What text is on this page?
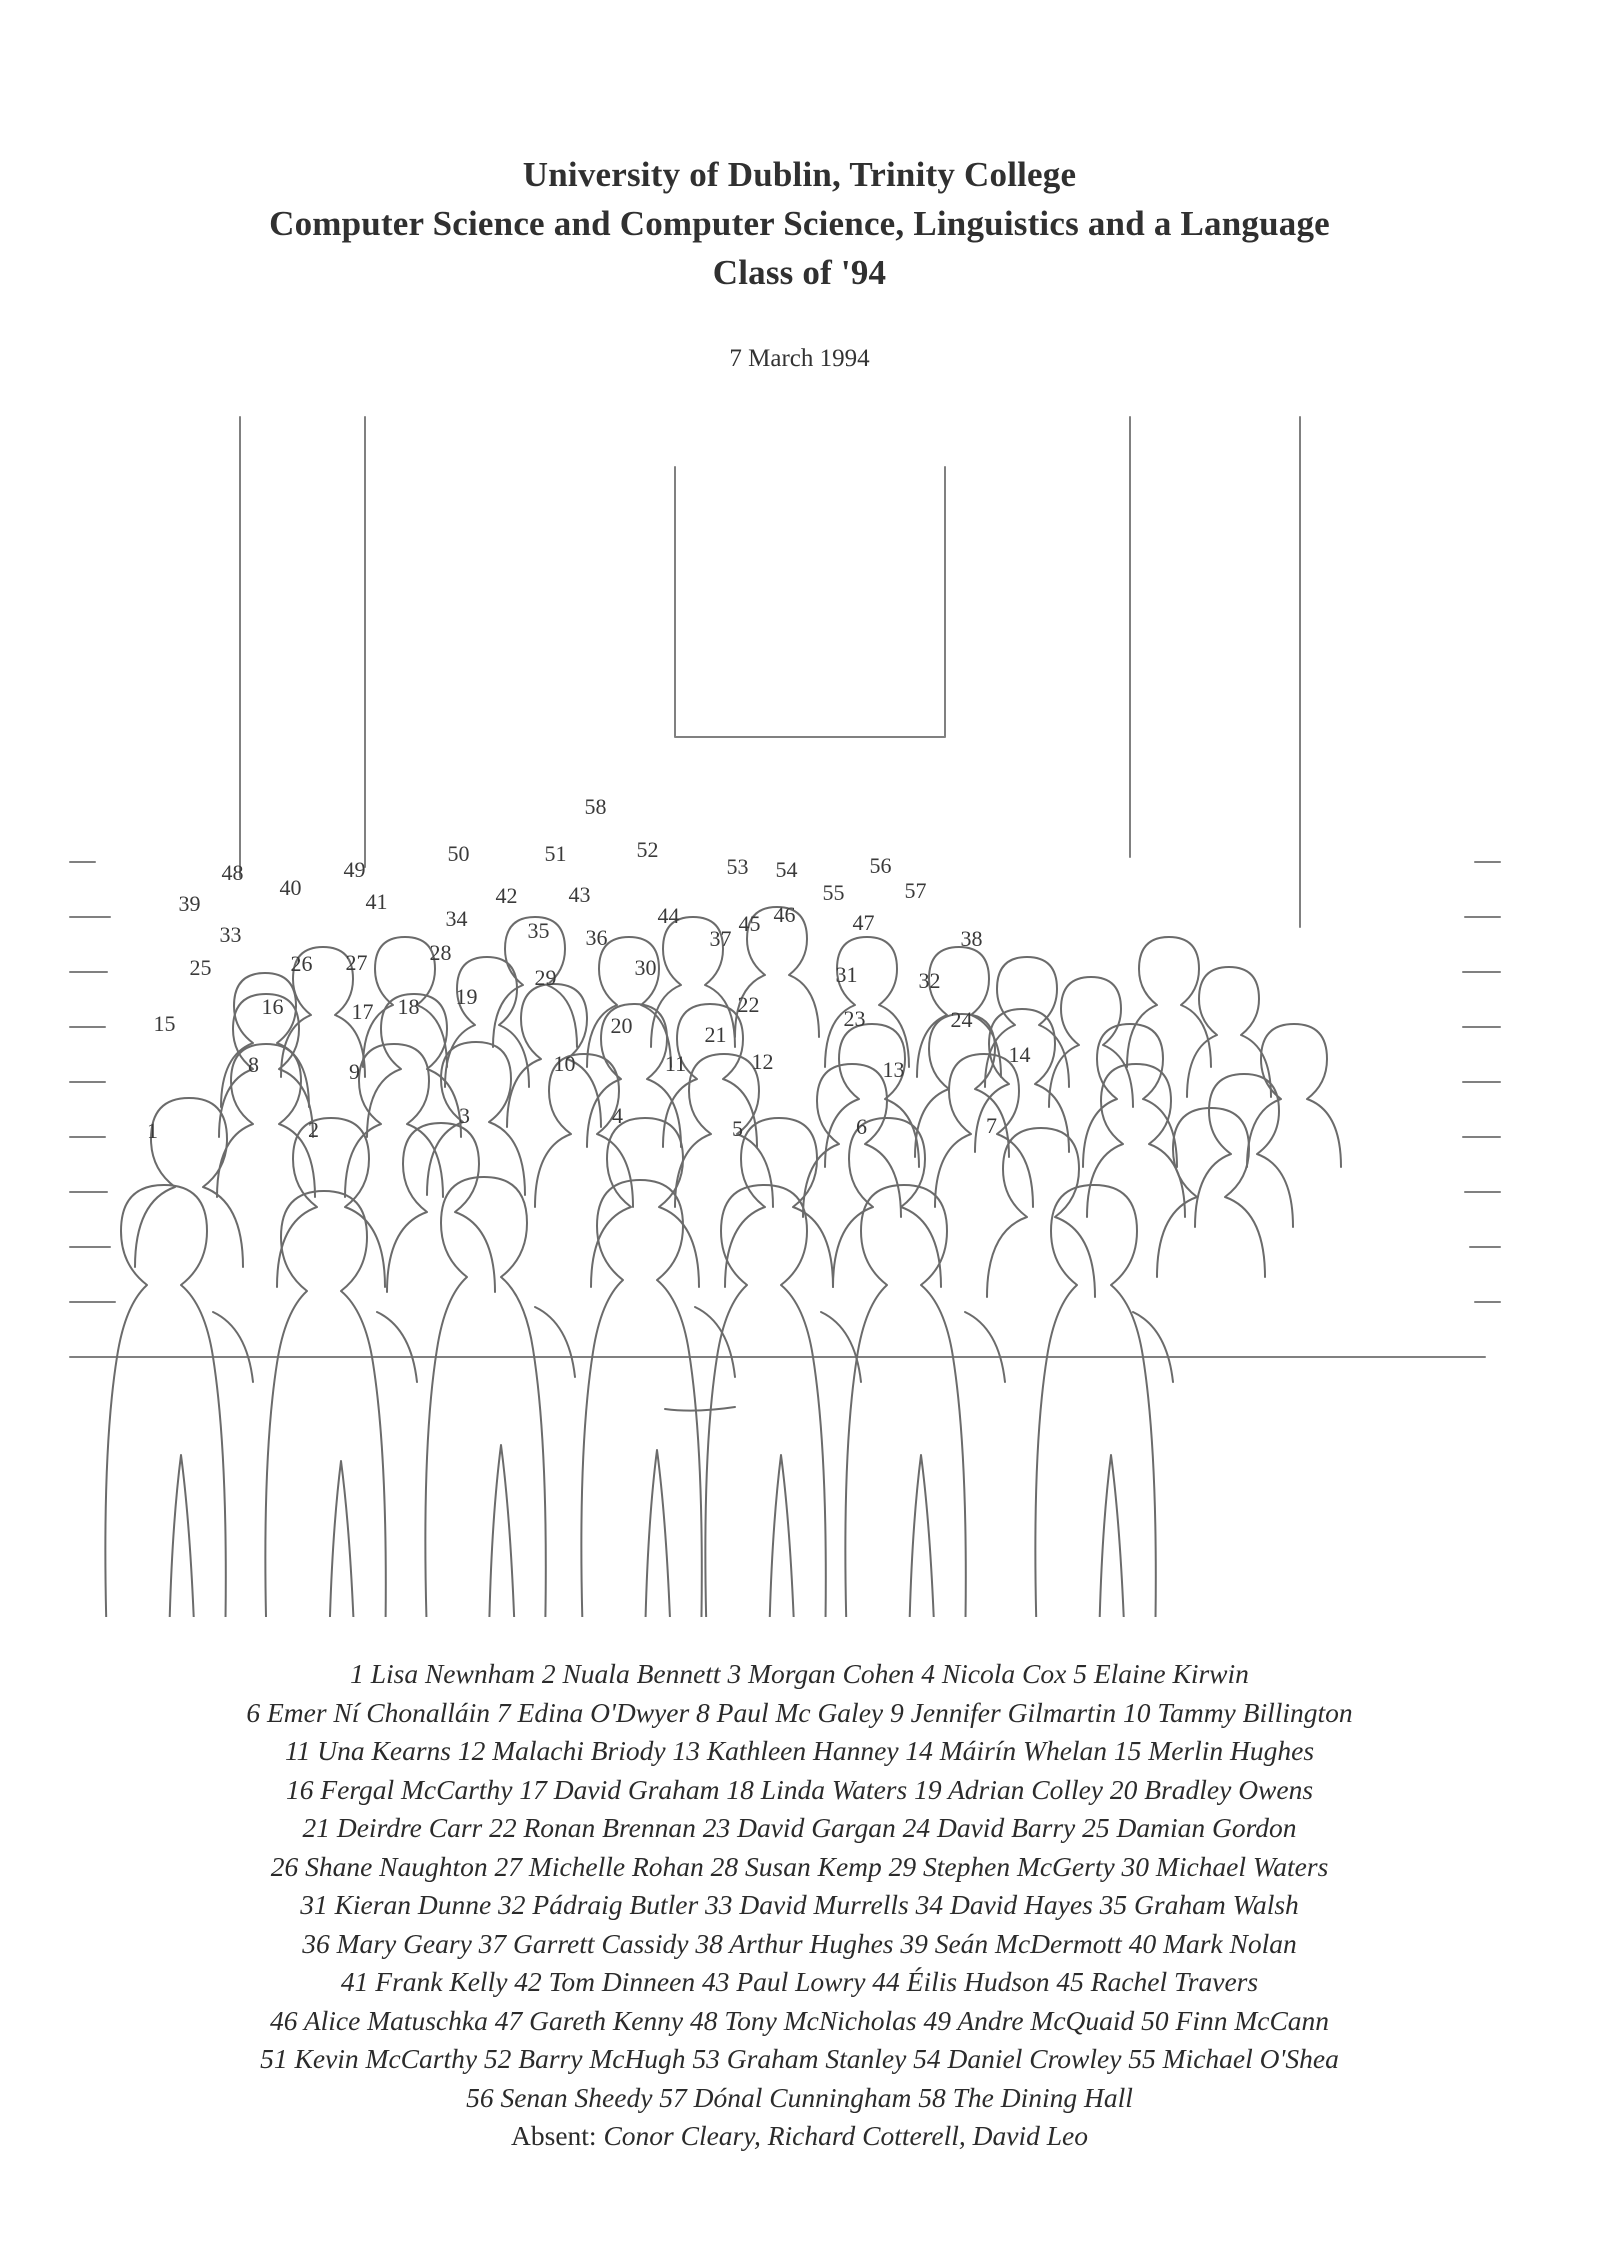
University of Dublin, Trinity College
Computer Science and Computer Science, Linguistics and a Language
Class of '94
7 March 1994
1	2
3	4
5	6	7
8	9	10	11	12	13
14
15
16	17 18 19
20	21
22
23	24
25	26 27	28
29	30	31	32
33
34	35 36	37	38
39
40
41	42 43
44	45 46	47
48	49
50	51	52
53 54
55
56
57
58
1 Lisa Newnham 2 Nuala Bennett 3 Morgan Cohen 4 Nicola Cox 5 Elaine Kirwin
6 Emer Ní Chonalláin 7 Edina O'Dwyer 8 Paul Mc Galey 9 Jennifer Gilmartin 10 Tammy Billington
11 Una Kearns 12 Malachi Briody 13 Kathleen Hanney 14 Máirín Whelan 15 Merlin Hughes
16 Fergal McCarthy 17 David Graham 18 Linda Waters 19 Adrian Colley 20 Bradley Owens
21 Deirdre Carr 22 Ronan Brennan 23 David Gargan 24 David Barry 25 Damian Gordon
26 Shane Naughton 27 Michelle Rohan 28 Susan Kemp 29 Stephen McGerty 30 Michael Waters
31 Kieran Dunne 32 Pádraig Butler 33 David Murrells 34 David Hayes 35 Graham Walsh
36 Mary Geary 37 Garrett Cassidy 38 Arthur Hughes 39 Seán McDermott 40 Mark Nolan
41 Frank Kelly 42 Tom Dinneen 43 Paul Lowry 44 Éilis Hudson 45 Rachel Travers
46 Alice Matuschka 47 Gareth Kenny 48 Tony McNicholas 49 Andre McQuaid 50 Finn McCann
51 Kevin McCarthy 52 Barry McHugh 53 Graham Stanley 54 Daniel Crowley 55 Michael O'Shea
56 Senan Sheedy 57 Dónal Cunningham 58 The Dining Hall
Absent: Conor Cleary, Richard Cotterell, David Leo
